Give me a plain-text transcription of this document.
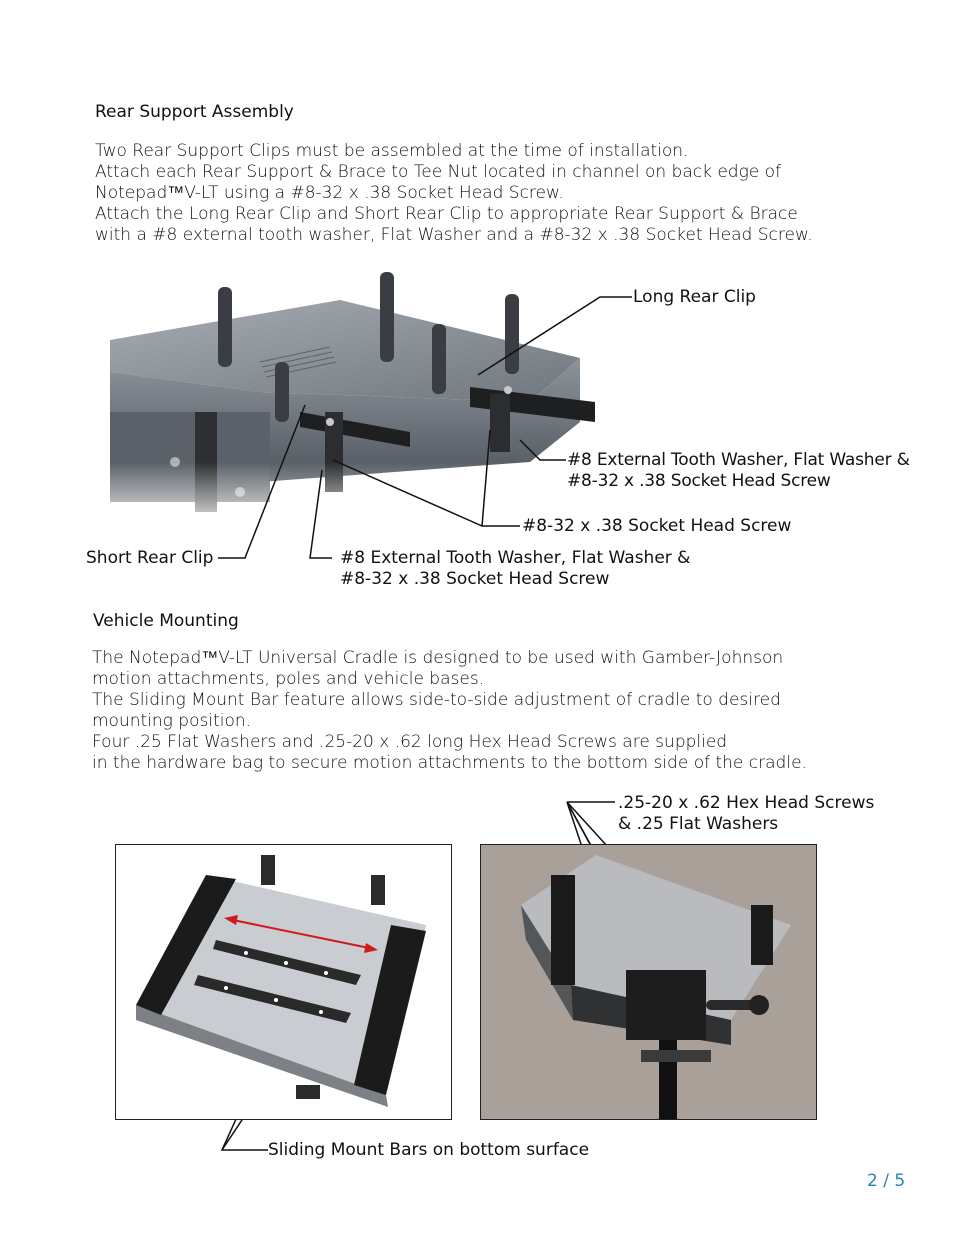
Rear Support Assembly
Two Rear Support Clips must be assembled at the time of installation.
Attach each Rear Support & Brace to Tee Nut located in channel on back edge of
Notepad™V-LT using a #8-32 x .38 Socket Head Screw.
Attach the Long Rear Clip and Short Rear Clip to appropriate Rear Support & Brace
with a #8 external tooth washer, Flat Washer and a #8-32 x .38 Socket Head Screw.
Long Rear Clip
#8 External Tooth Washer, Flat Washer &
#8-32 x .38 Socket Head Screw
#8-32 x .38 Socket Head Screw
Short Rear Clip	#8 External Tooth Washer, Flat Washer &
#8-32 x .38 Socket Head Screw
Vehicle Mounting
The Notepad™V-LT Universal Cradle is designed to be used with Gamber-Johnson
motion attachments, poles and vehicle bases.
The Sliding Mount Bar feature allows side-to-side adjustment of cradle to desired
mounting position.
Four .25 Flat Washers and .25-20 x .62 long Hex Head Screws are supplied
in the hardware bag to secure motion attachments to the bottom side of the cradle.
.25-20 x .62 Hex Head Screws
& .25 Flat Washers
Sliding Mount Bars on bottom surface
2 / 5
